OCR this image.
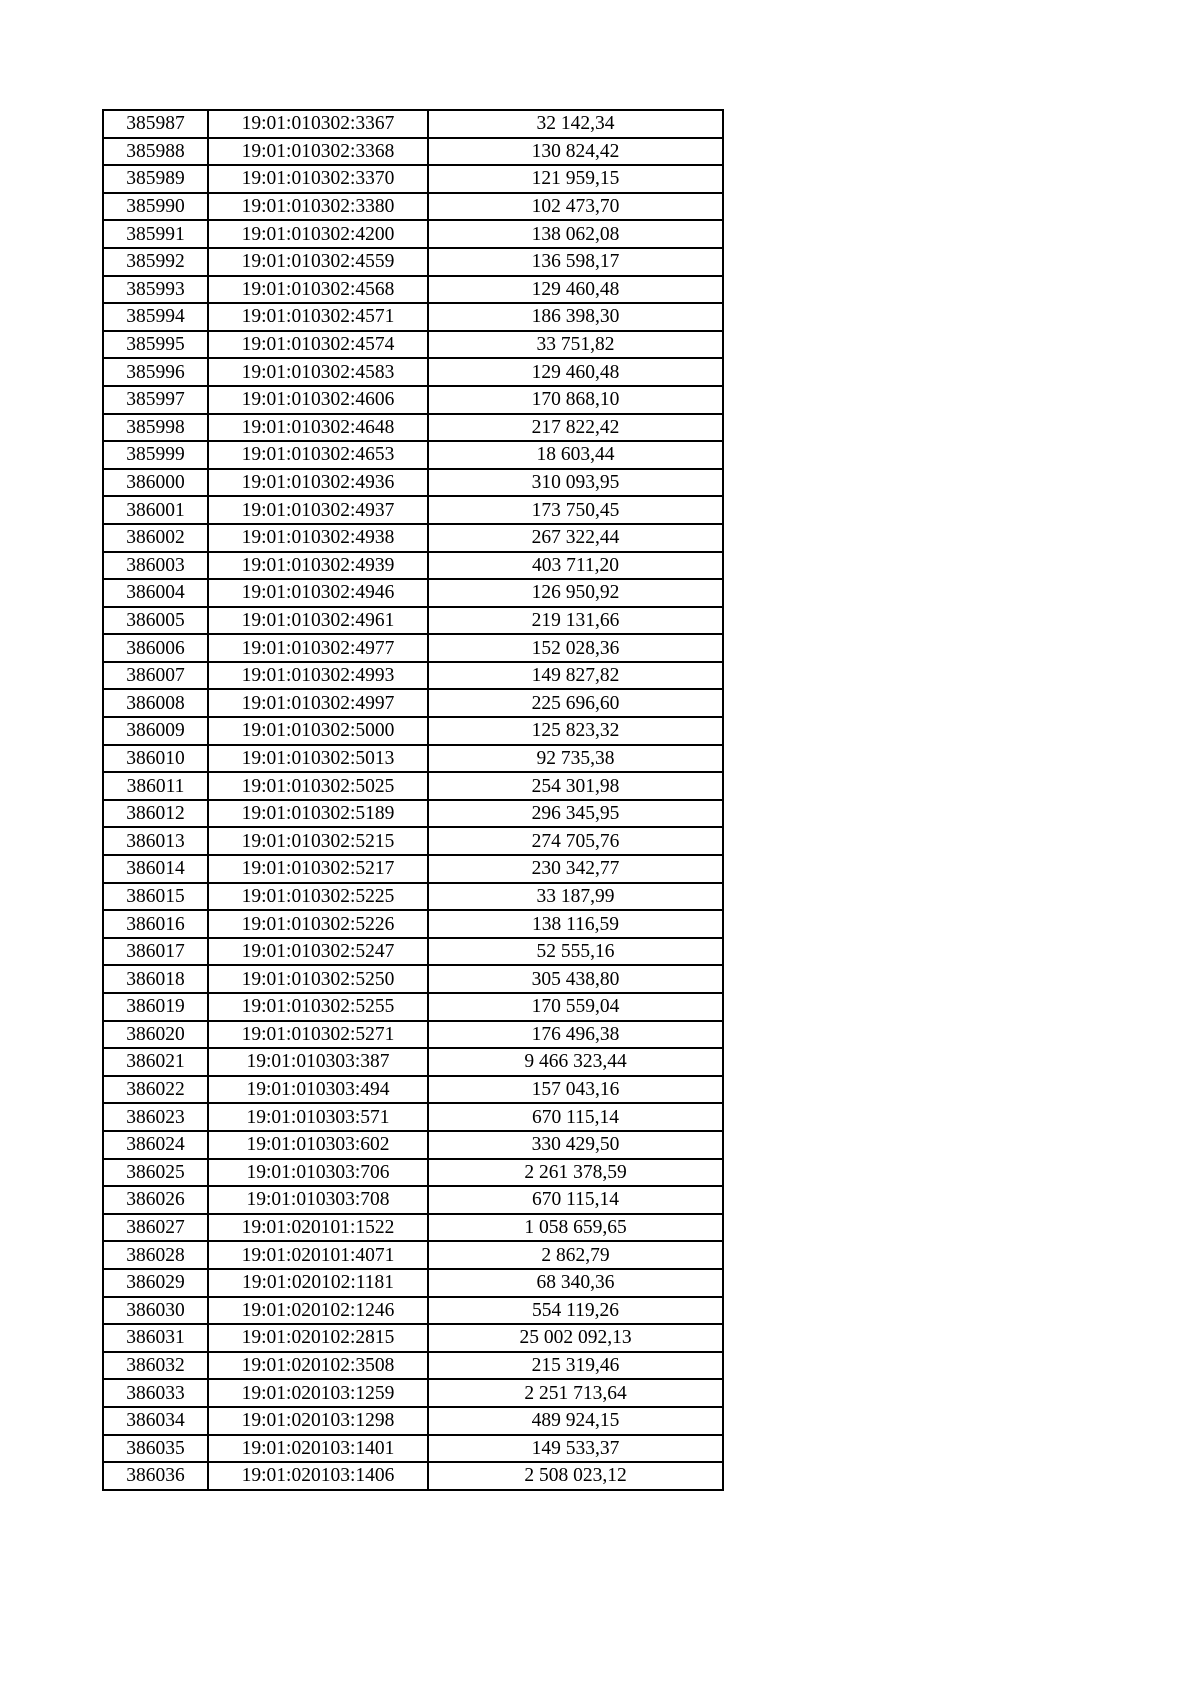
385987	19:01:010302:3367	32 142,34
385988	19:01:010302:3368	130 824,42
385989	19:01:010302:3370	121 959,15
385990	19:01:010302:3380	102 473,70
385991	19:01:010302:4200	138 062,08
385992	19:01:010302:4559	136 598,17
385993	19:01:010302:4568	129 460,48
385994	19:01:010302:4571	186 398,30
385995	19:01:010302:4574	33 751,82
385996	19:01:010302:4583	129 460,48
385997	19:01:010302:4606	170 868,10
385998	19:01:010302:4648	217 822,42
385999	19:01:010302:4653	18 603,44
386000	19:01:010302:4936	310 093,95
386001	19:01:010302:4937	173 750,45
386002	19:01:010302:4938	267 322,44
386003	19:01:010302:4939	403 711,20
386004	19:01:010302:4946	126 950,92
386005	19:01:010302:4961	219 131,66
386006	19:01:010302:4977	152 028,36
386007	19:01:010302:4993	149 827,82
386008	19:01:010302:4997	225 696,60
386009	19:01:010302:5000	125 823,32
386010	19:01:010302:5013	92 735,38
386011	19:01:010302:5025	254 301,98
386012	19:01:010302:5189	296 345,95
386013	19:01:010302:5215	274 705,76
386014	19:01:010302:5217	230 342,77
386015	19:01:010302:5225	33 187,99
386016	19:01:010302:5226	138 116,59
386017	19:01:010302:5247	52 555,16
386018	19:01:010302:5250	305 438,80
386019	19:01:010302:5255	170 559,04
386020	19:01:010302:5271	176 496,38
386021	19:01:010303:387	9 466 323,44
386022	19:01:010303:494	157 043,16
386023	19:01:010303:571	670 115,14
386024	19:01:010303:602	330 429,50
386025	19:01:010303:706	2 261 378,59
386026	19:01:010303:708	670 115,14
386027	19:01:020101:1522	1 058 659,65
386028	19:01:020101:4071	2 862,79
386029	19:01:020102:1181	68 340,36
386030	19:01:020102:1246	554 119,26
386031	19:01:020102:2815	25 002 092,13
386032	19:01:020102:3508	215 319,46
386033	19:01:020103:1259	2 251 713,64
386034	19:01:020103:1298	489 924,15
386035	19:01:020103:1401	149 533,37
386036	19:01:020103:1406	2 508 023,12
